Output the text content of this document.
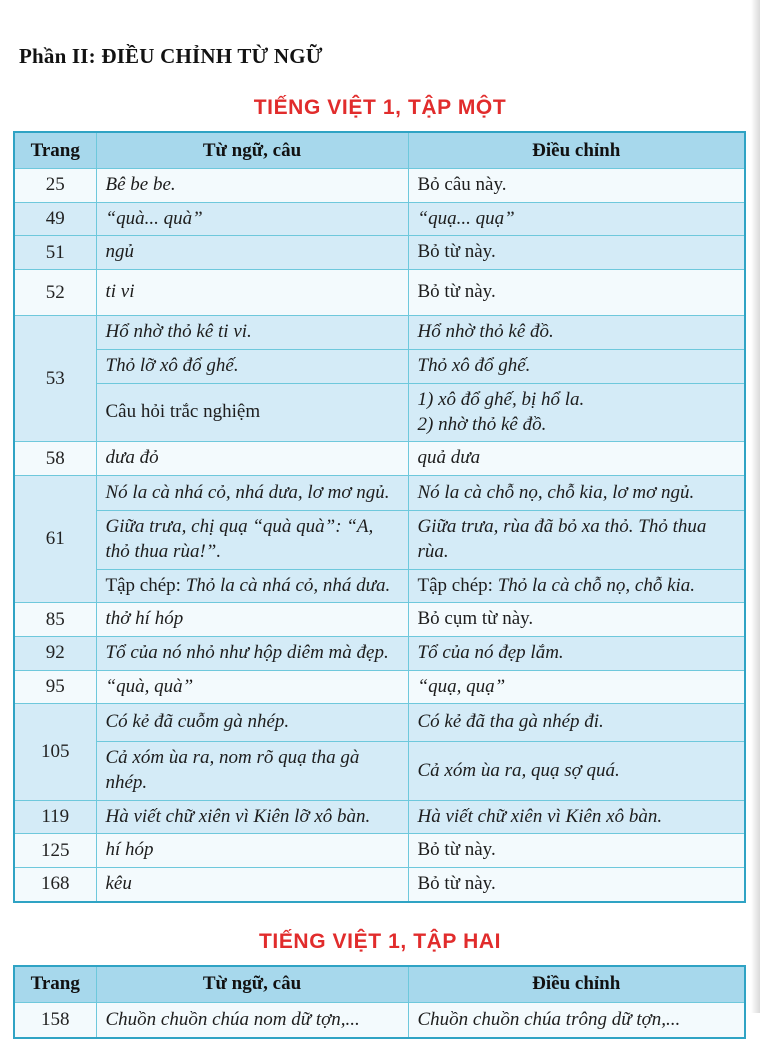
Phần II: ĐIỀU CHỈNH TỪ NGỮ
TIẾNG VIỆT 1, TẬP MỘT
Trang	Từ ngữ, câu	Điều chỉnh
25	Bê be be.	Bỏ câu này.

49	“quà... quà”	“quạ... quạ”

51	ngủ	Bỏ từ này.

52	ti vi	Bỏ từ này.

53	Hổ nhờ thỏ kê ti vi.	Hổ nhờ thỏ kê đồ.

	Thỏ lỡ xô đổ ghế.	Thỏ xô đổ ghế.

	Câu hỏi trắc nghiệm	1) xô đổ ghế, bị hổ la.
2) nhờ thỏ kê đồ.

58	dưa đỏ	quả dưa

61	Nó la cà nhá cỏ, nhá dưa, lơ mơ ngủ.	Nó la cà chỗ nọ, chỗ kia, lơ mơ ngủ.

	Giữa trưa, chị quạ “quà quà”: “A, thỏ thua rùa!”.	Giữa trưa, rùa đã bỏ xa thỏ. Thỏ thua rùa.

	Tập chép: Thỏ la cà nhá cỏ, nhá dưa.	Tập chép: Thỏ la cà chỗ nọ, chỗ kia.

85	thở hí hóp	Bỏ cụm từ này.

92	Tổ của nó nhỏ như hộp diêm mà đẹp.	Tổ của nó đẹp lắm.

95	“quà, quà”	“quạ, quạ”

105	Có kẻ đã cuỗm gà nhép.	Có kẻ đã tha gà nhép đi.

	Cả xóm ùa ra, nom rõ quạ tha gà nhép.	Cả xóm ùa ra, quạ sợ quá.

119	Hà viết chữ xiên vì Kiên lỡ xô bàn.	Hà viết chữ xiên vì Kiên xô bàn.

125	hí hóp	Bỏ từ này.

168	kêu	Bỏ từ này.
TIẾNG VIỆT 1, TẬP HAI
Trang	Từ ngữ, câu	Điều chỉnh
158	Chuồn chuồn chúa nom dữ tợn,...	Chuồn chuồn chúa trông dữ tợn,...
